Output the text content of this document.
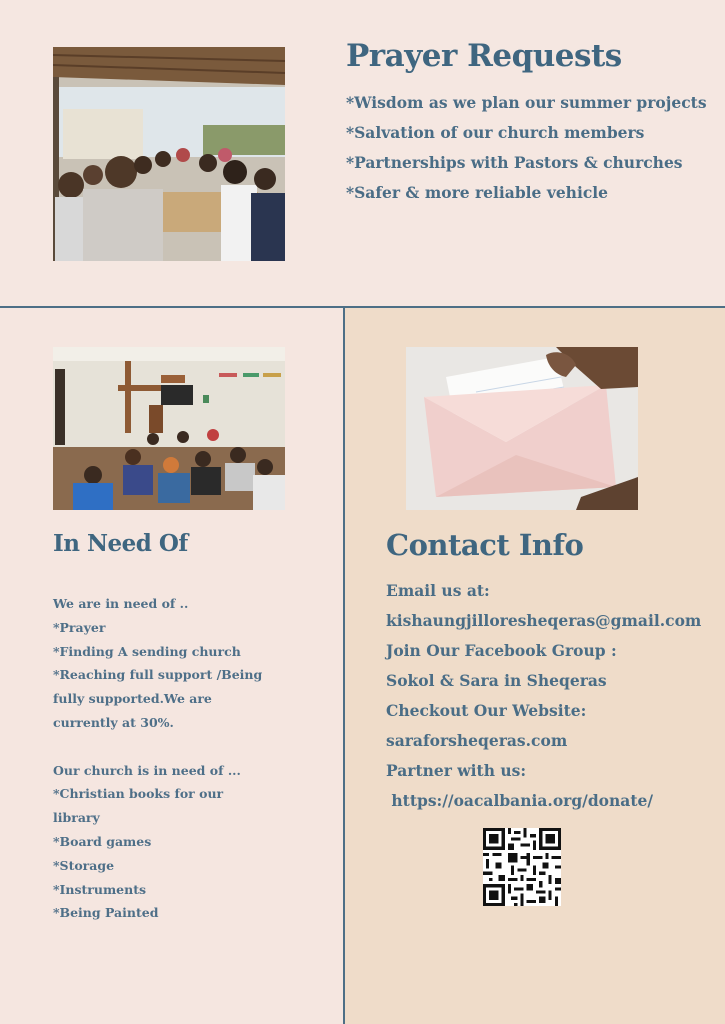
Prayer Requests
*Wisdom as we plan our summer projects
*Salvation of our church members
*Partnerships with Pastors & churches
*Safer & more reliable vehicle
In Need Of
We are in need of ..
*Prayer
*Finding A sending church
*Reaching full support /Being
fully supported.We are
currently at 30%.
Our church is in need of ...
*Christian books for our
library
*Board games
*Storage
*Instruments
*Being Painted
Contact Info
Email us at:
kishaungjilloresheqeras@gmail.com
Join Our Facebook Group :
Sokol & Sara in Sheqeras
Checkout Our Website:
saraforsheqeras.com
Partner with us:
https://oacalbania.org/donate/
